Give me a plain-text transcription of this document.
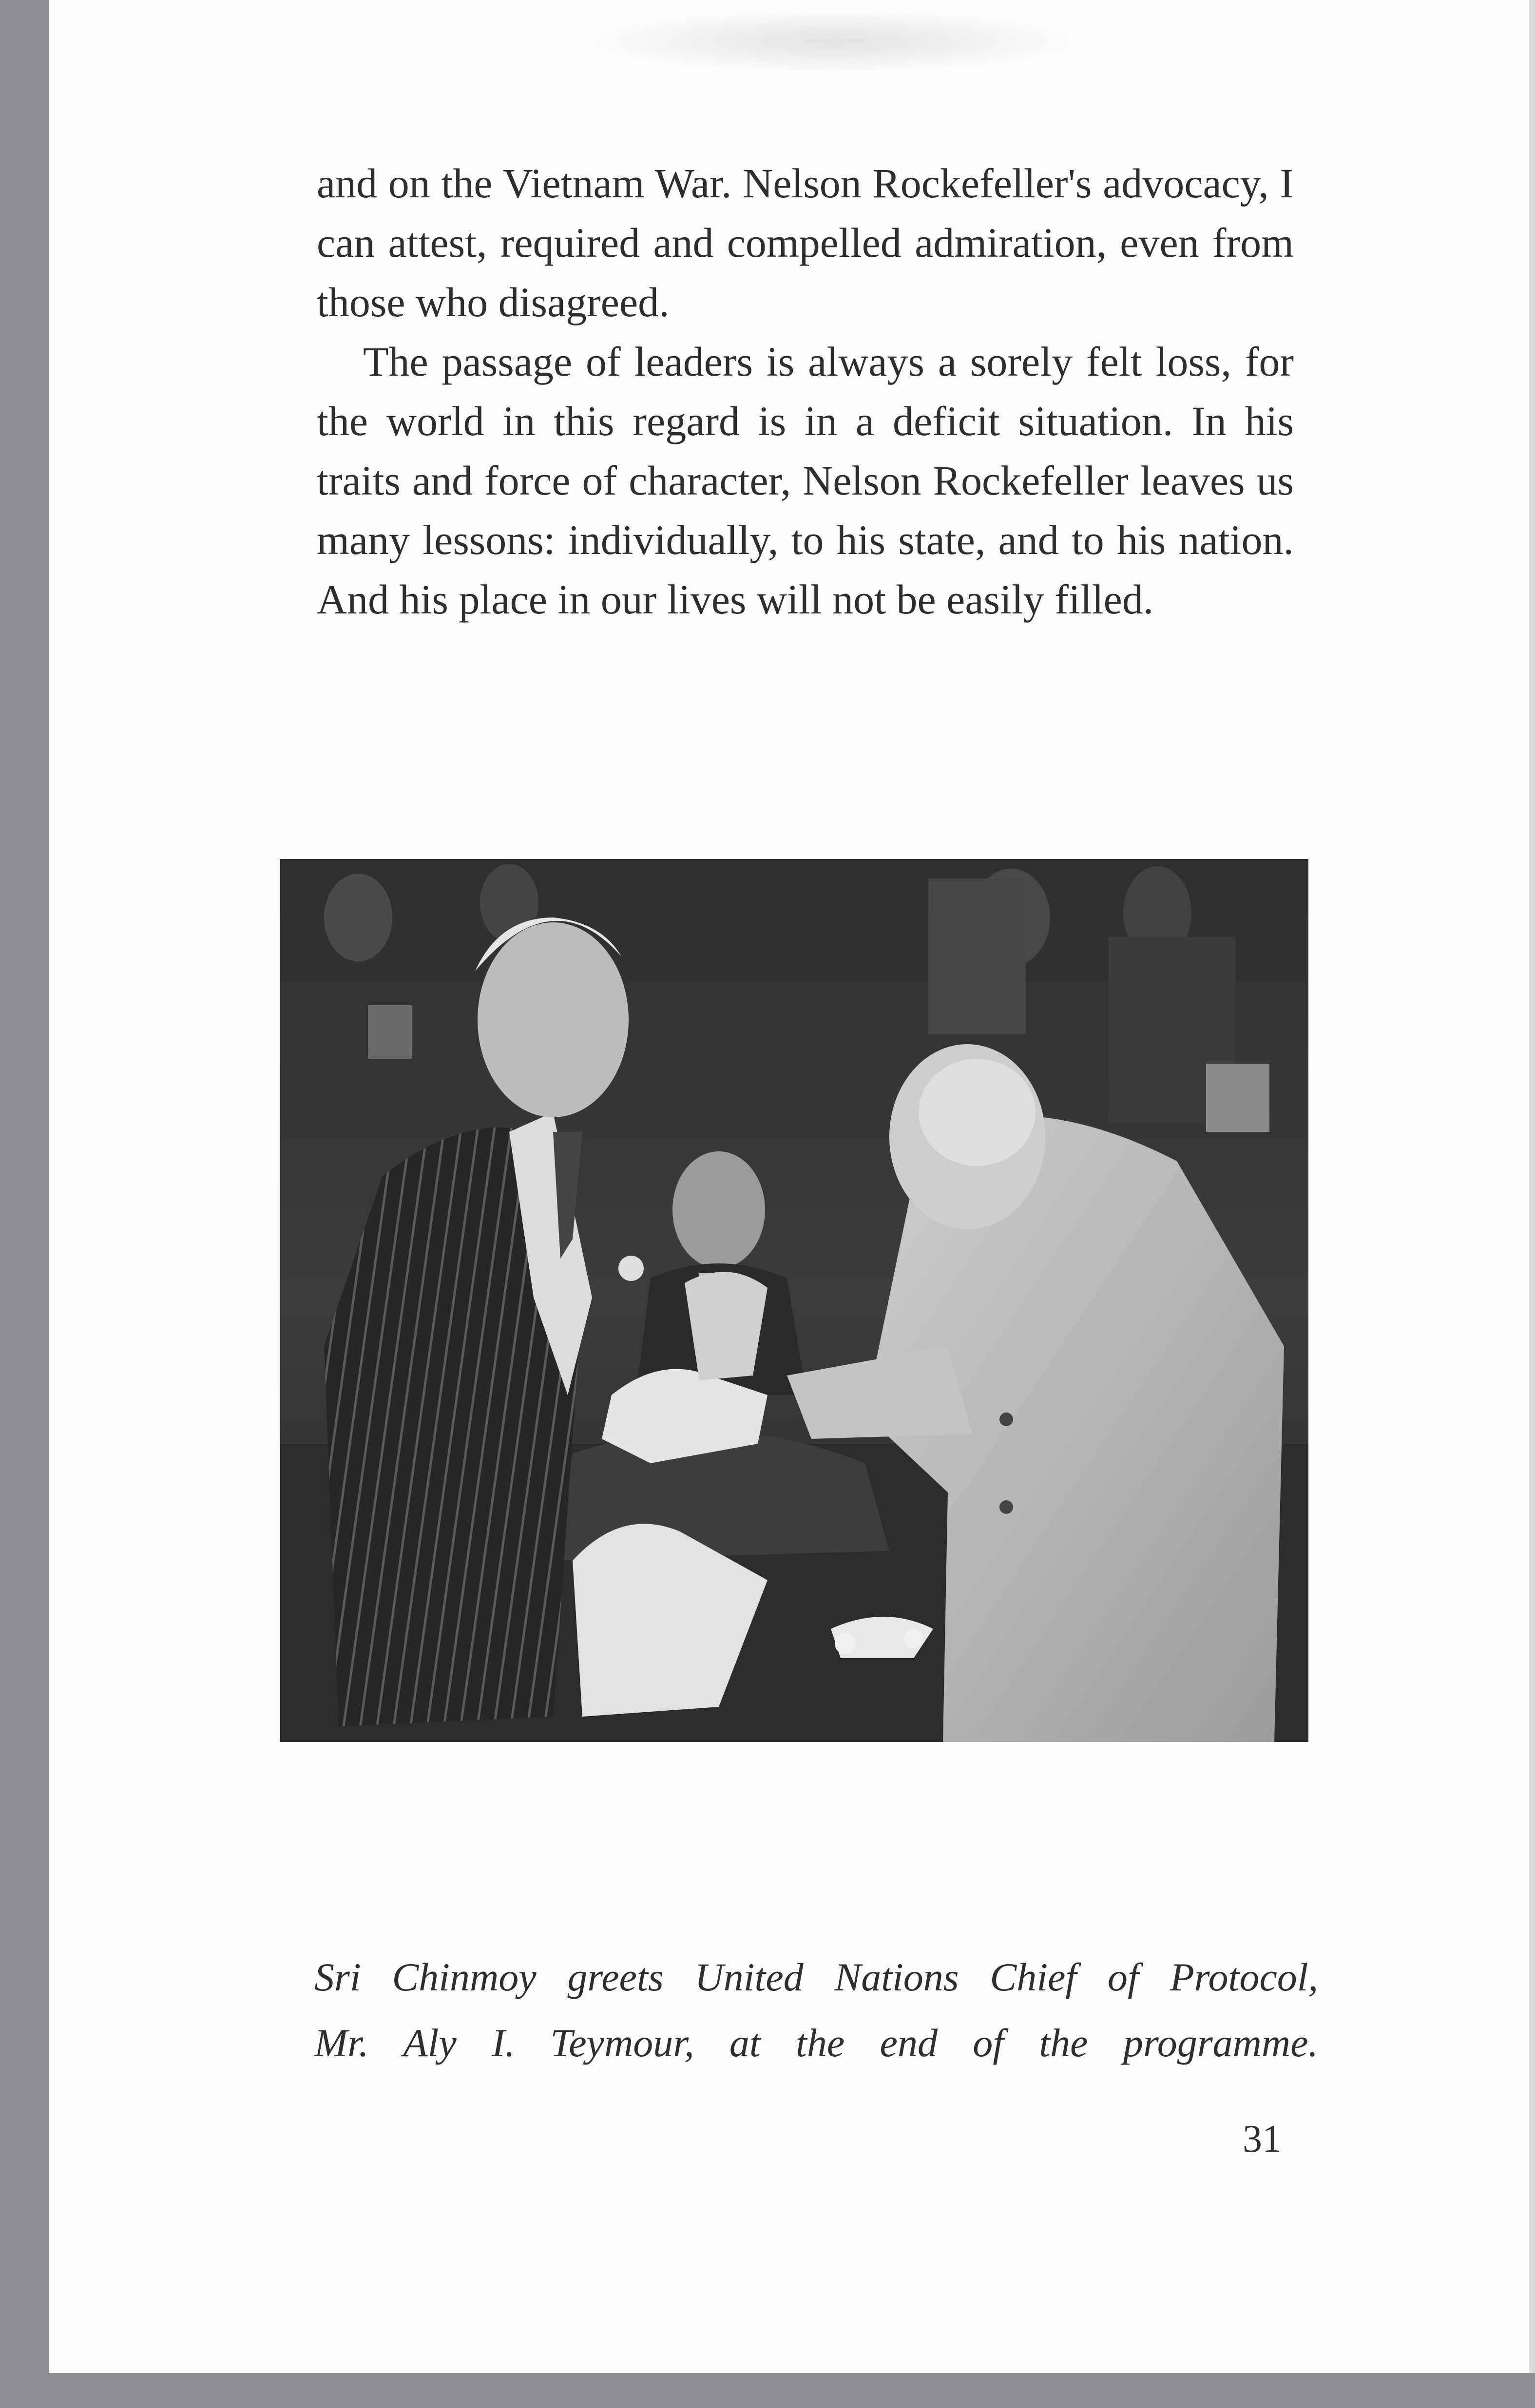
and on the Vietnam War. Nelson Rockefeller's advocacy, I can attest, required and compelled admiration, even from those who disagreed.

The passage of leaders is always a sorely felt loss, for the world in this regard is in a deficit situation. In his traits and force of character, Nelson Rockefeller leaves us many lessons: individually, to his state, and to his nation. And his place in our lives will not be easily filled.

Sri Chinmoy greets United Nations Chief of Protocol,
Mr. Aly I. Teymour, at the end of the programme.

31
